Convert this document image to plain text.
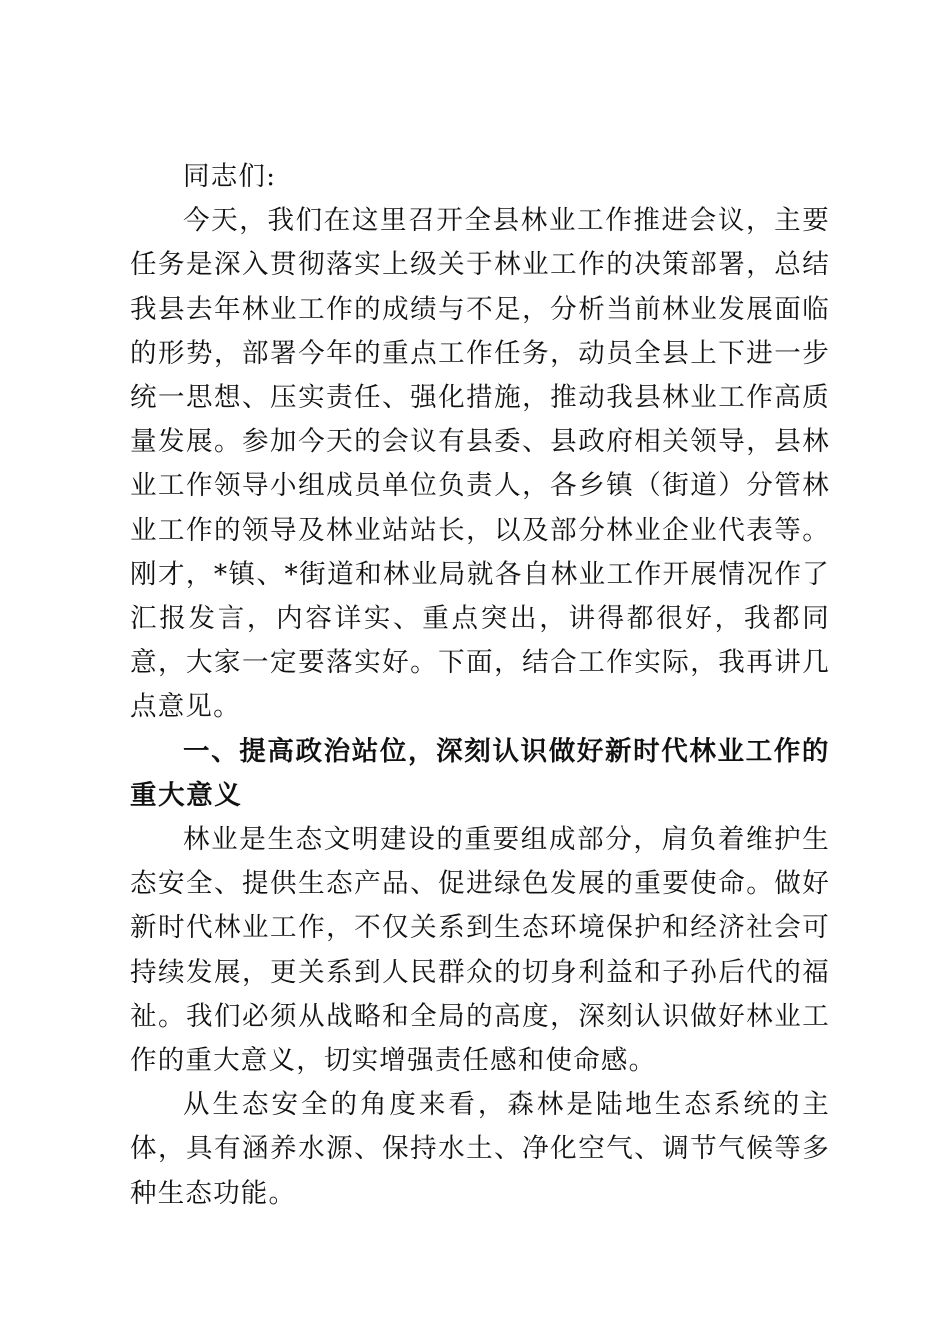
同志们:

今天，我们在这里召开全县林业工作推进会议，主要任务是深入贯彻落实上级关于林业工作的决策部署，总结我县去年林业工作的成绩与不足，分析当前林业发展面临的形势，部署今年的重点工作任务，动员全县上下进一步统一思想、压实责任、强化措施，推动我县林业工作高质量发展。参加今天的会议有县委、县政府相关领导，县林业工作领导小组成员单位负责人，各乡镇（街道）分管林业工作的领导及林业站站长，以及部分林业企业代表等。刚才，*镇、*街道和林业局就各自林业工作开展情况作了汇报发言，内容详实、重点突出，讲得都很好，我都同意，大家一定要落实好。下面，结合工作实际，我再讲几点意见。

一、提高政治站位，深刻认识做好新时代林业工作的重大意义

林业是生态文明建设的重要组成部分，肩负着维护生态安全、提供生态产品、促进绿色发展的重要使命。做好新时代林业工作，不仅关系到生态环境保护和经济社会可持续发展，更关系到人民群众的切身利益和子孙后代的福祉。我们必须从战略和全局的高度，深刻认识做好林业工作的重大意义，切实增强责任感和使命感。

从生态安全的角度来看，森林是陆地生态系统的主体，具有涵养水源、保持水土、净化空气、调节气候等多种生态功能。
